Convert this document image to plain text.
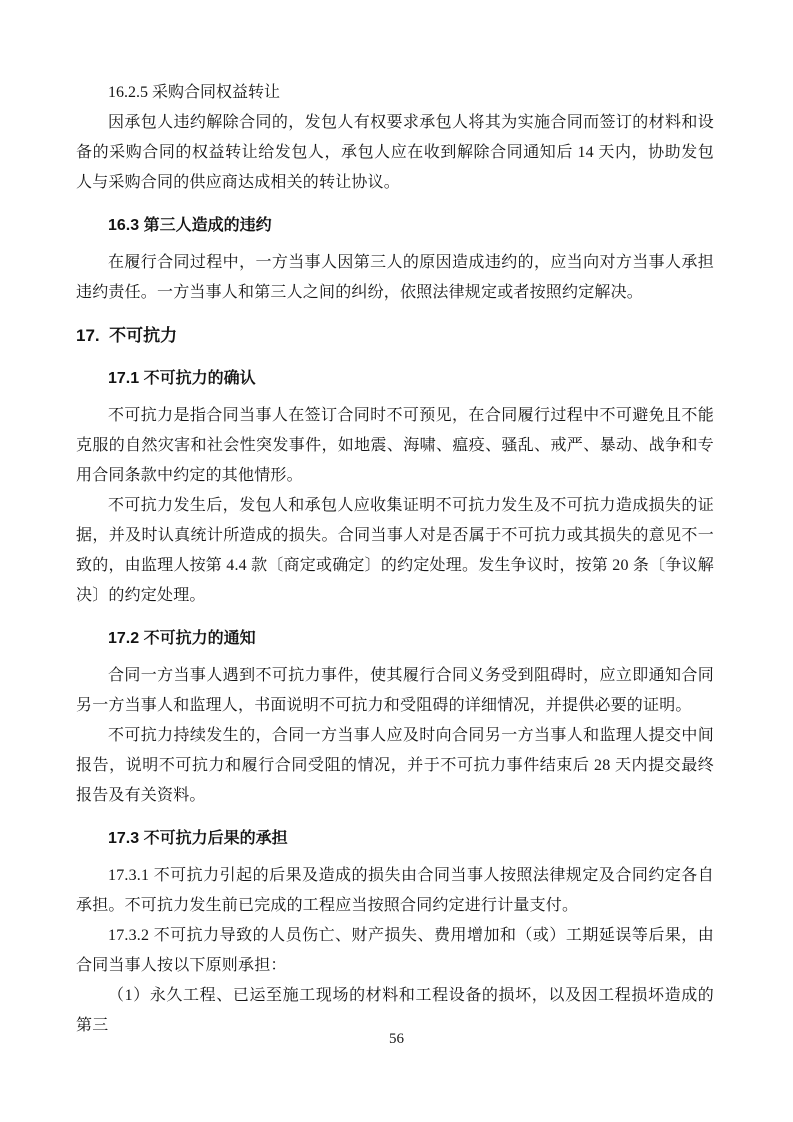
16.2.5 采购合同权益转让

因承包人违约解除合同的，发包人有权要求承包人将其为实施合同而签订的材料和设备的采购合同的权益转让给发包人，承包人应在收到解除合同通知后 14 天内，协助发包人与采购合同的供应商达成相关的转让协议。

16.3 第三人造成的违约

在履行合同过程中，一方当事人因第三人的原因造成违约的，应当向对方当事人承担违约责任。一方当事人和第三人之间的纠纷，依照法律规定或者按照约定解决。

17.  不可抗力
17.1 不可抗力的确认

不可抗力是指合同当事人在签订合同时不可预见，在合同履行过程中不可避免且不能克服的自然灾害和社会性突发事件，如地震、海啸、瘟疫、骚乱、戒严、暴动、战争和专用合同条款中约定的其他情形。

不可抗力发生后，发包人和承包人应收集证明不可抗力发生及不可抗力造成损失的证据，并及时认真统计所造成的损失。合同当事人对是否属于不可抗力或其损失的意见不一致的，由监理人按第 4.4 款〔商定或确定〕的约定处理。发生争议时，按第 20 条〔争议解决〕的约定处理。

17.2 不可抗力的通知

合同一方当事人遇到不可抗力事件，使其履行合同义务受到阻碍时，应立即通知合同另一方当事人和监理人，书面说明不可抗力和受阻碍的详细情况，并提供必要的证明。

不可抗力持续发生的，合同一方当事人应及时向合同另一方当事人和监理人提交中间报告，说明不可抗力和履行合同受阻的情况，并于不可抗力事件结束后 28 天内提交最终报告及有关资料。

17.3 不可抗力后果的承担

17.3.1 不可抗力引起的后果及造成的损失由合同当事人按照法律规定及合同约定各自承担。不可抗力发生前已完成的工程应当按照合同约定进行计量支付。

17.3.2 不可抗力导致的人员伤亡、财产损失、费用增加和（或）工期延误等后果，由合同当事人按以下原则承担：

（1）永久工程、已运至施工现场的材料和工程设备的损坏，以及因工程损坏造成的第三

56
